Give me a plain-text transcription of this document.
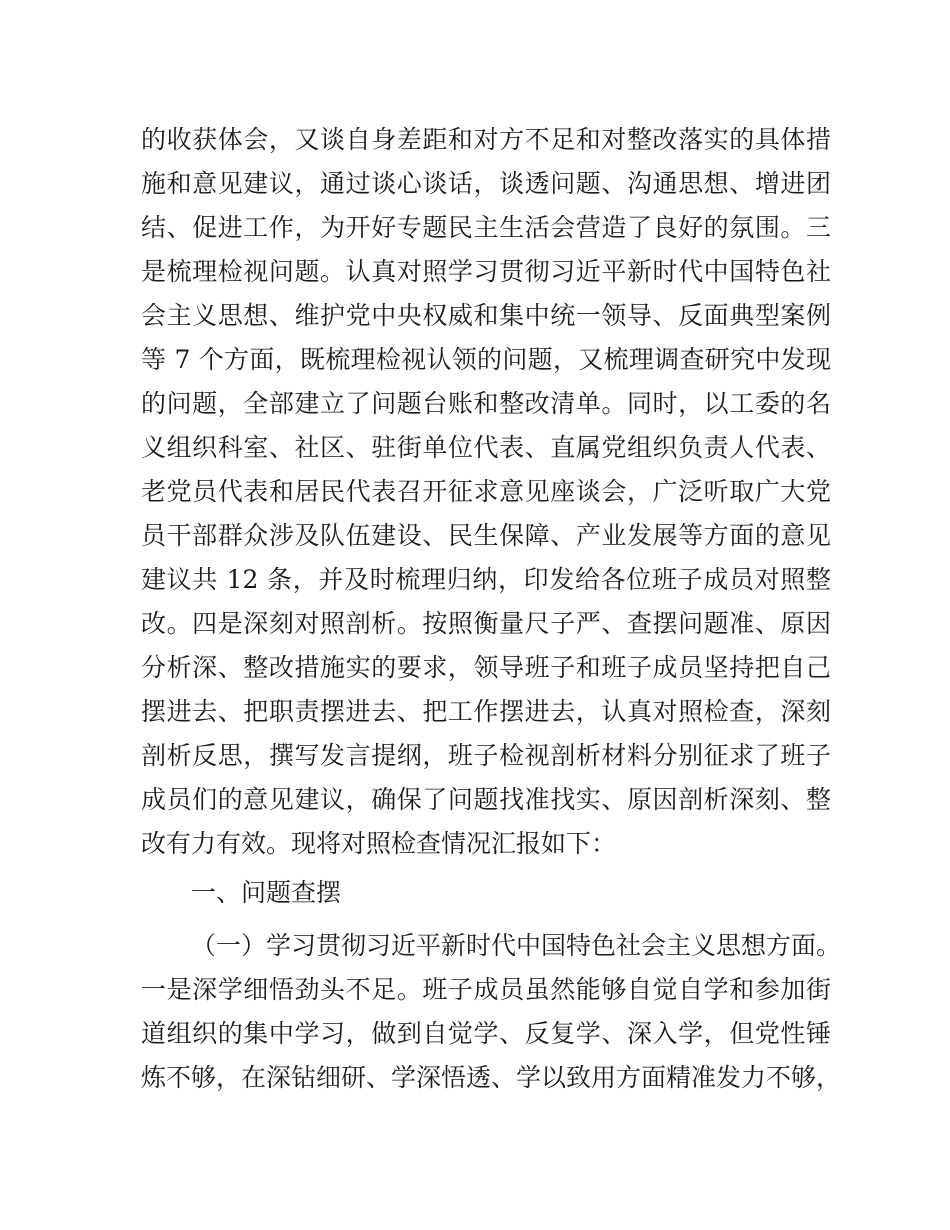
的收获体会，又谈自身差距和对方不足和对整改落实的具体措
施和意见建议，通过谈心谈话，谈透问题、沟通思想、增进团
结、促进工作，为开好专题民主生活会营造了良好的氛围。三
是梳理检视问题。认真对照学习贯彻习近平新时代中国特色社
会主义思想、维护党中央权威和集中统一领导、反面典型案例
等 7 个方面，既梳理检视认领的问题，又梳理调查研究中发现
的问题，全部建立了问题台账和整改清单。同时，以工委的名
义组织科室、社区、驻街单位代表、直属党组织负责人代表、
老党员代表和居民代表召开征求意见座谈会，广泛听取广大党
员干部群众涉及队伍建设、民生保障、产业发展等方面的意见
建议共 12 条，并及时梳理归纳，印发给各位班子成员对照整
改。四是深刻对照剖析。按照衡量尺子严、查摆问题准、原因
分析深、整改措施实的要求，领导班子和班子成员坚持把自己
摆进去、把职责摆进去、把工作摆进去，认真对照检查，深刻
剖析反思，撰写发言提纲，班子检视剖析材料分别征求了班子
成员们的意见建议，确保了问题找准找实、原因剖析深刻、整
改有力有效。现将对照检查情况汇报如下：
一、问题查摆
（一）学习贯彻习近平新时代中国特色社会主义思想方面。
一是深学细悟劲头不足。班子成员虽然能够自觉自学和参加街
道组织的集中学习，做到自觉学、反复学、深入学，但党性锤
炼不够，在深钻细研、学深悟透、学以致用方面精准发力不够，
